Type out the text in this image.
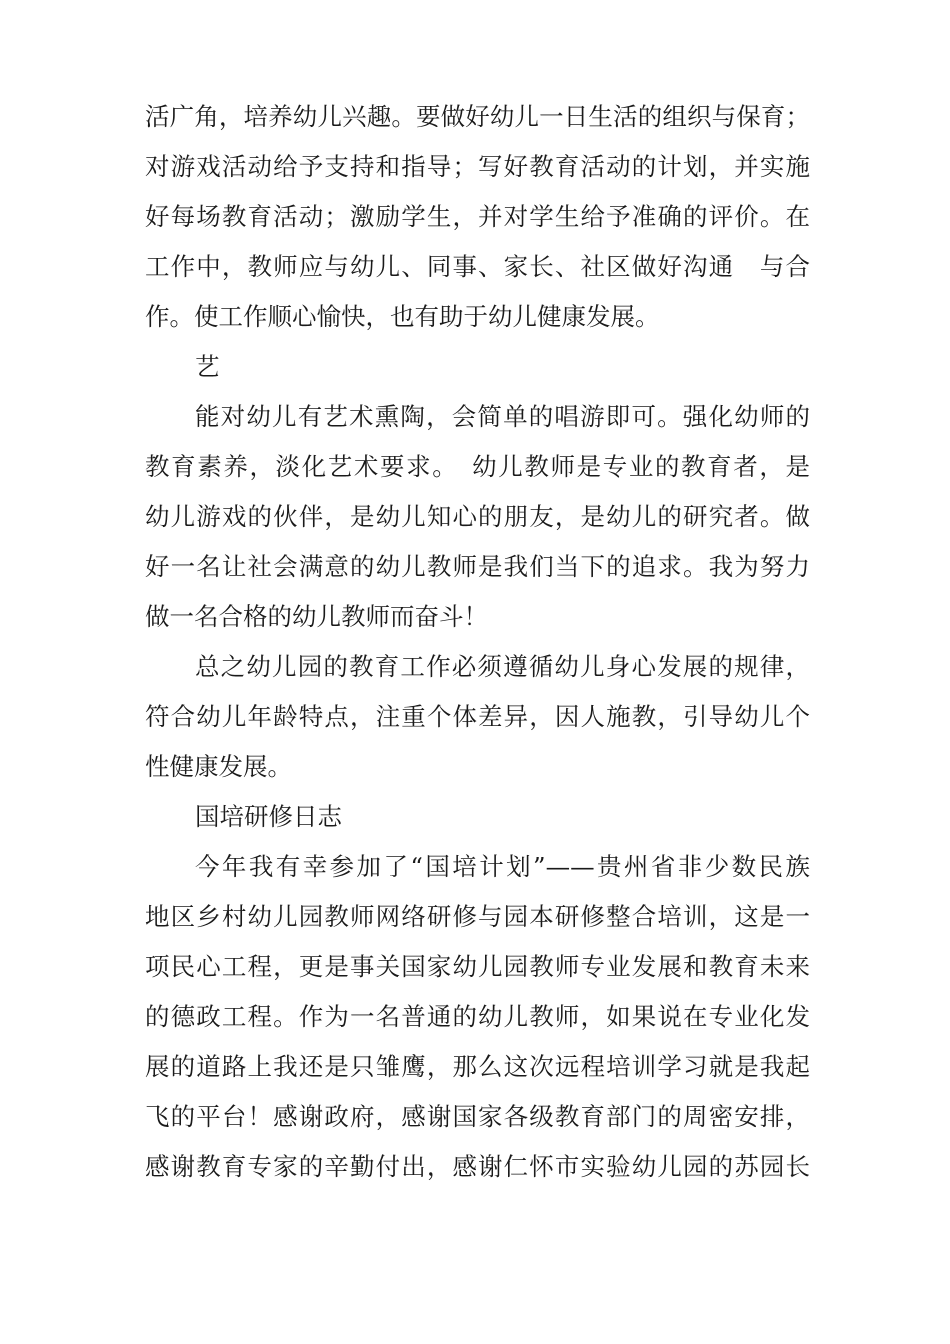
活广角，培养幼儿兴趣。要做好幼儿一日生活的组织与保育；
对游戏活动给予支持和指导；写好教育活动的计划，并实施
好每场教育活动；激励学生，并对学生给予准确的评价。在
工作中，教师应与幼儿、同事、家长、社区做好沟通　与合
作。使工作顺心愉快，也有助于幼儿健康发展。
艺
能对幼儿有艺术熏陶，会简单的唱游即可。强化幼师的
教育素养，淡化艺术要求。　幼儿教师是专业的教育者，是
幼儿游戏的伙伴，是幼儿知心的朋友，是幼儿的研究者。做
好一名让社会满意的幼儿教师是我们当下的追求。我为努力
做一名合格的幼儿教师而奋斗！
总之幼儿园的教育工作必须遵循幼儿身心发展的规律，
符合幼儿年龄特点，注重个体差异，因人施教，引导幼儿个
性健康发展。
国培研修日志
今年我有幸参加了“国培计划”——贵州省非少数民族
地区乡村幼儿园教师网络研修与园本研修整合培训，这是一
项民心工程，更是事关国家幼儿园教师专业发展和教育未来
的德政工程。作为一名普通的幼儿教师，如果说在专业化发
展的道路上我还是只雏鹰，那么这次远程培训学习就是我起
飞的平台！感谢政府，感谢国家各级教育部门的周密安排，
感谢教育专家的辛勤付出，感谢仁怀市实验幼儿园的苏园长
